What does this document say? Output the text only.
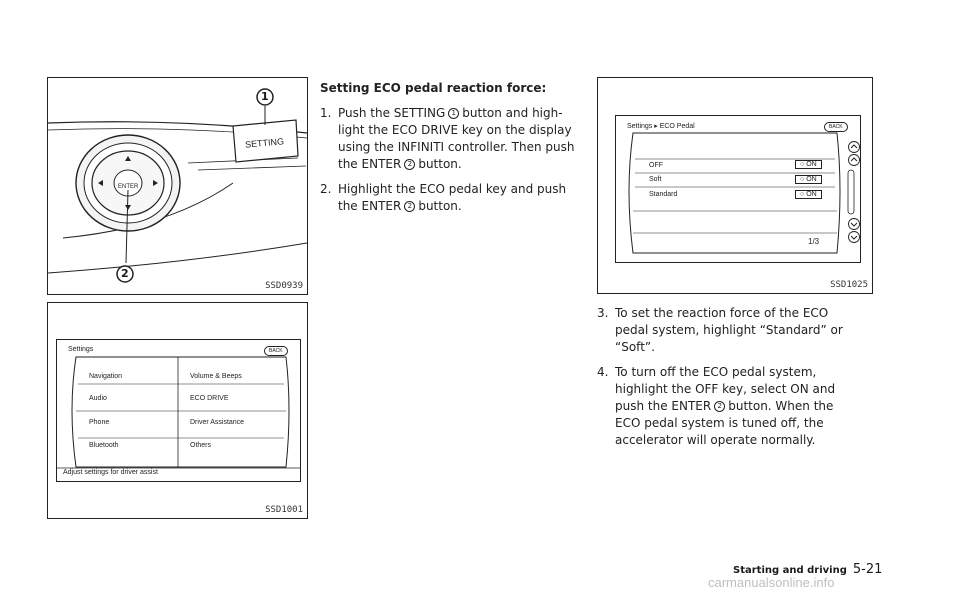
SETTING
ENTER
1
2
SSD0939
Settings	BACK
Navigation
Audio
Phone
Bluetooth
Volume & Beeps
ECO DRIVE
Driver Assistance
Others
Adjust settings for driver assist
SSD1001
Setting ECO pedal reaction force:
1. Push the SETTING 1 button and high-
light the ECO DRIVE key on the display
using the INFINITI controller. Then push
the ENTER 2 button.
2. Highlight the ECO pedal key and push
the ENTER 2 button.
Settings ▸ ECO Pedal	BACK
OFF
Soft
Standard
○ ON
○ ON
○ ON
1/3
SSD1025
3. To set the reaction force of the ECO
pedal system, highlight “Standard” or
“Soft”.
4. To turn off the ECO pedal system,
highlight the OFF key, select ON and
push the ENTER 2 button. When the
ECO pedal system is tuned off, the
accelerator will operate normally.
Starting and driving 5-21
carmanualsonline.info
